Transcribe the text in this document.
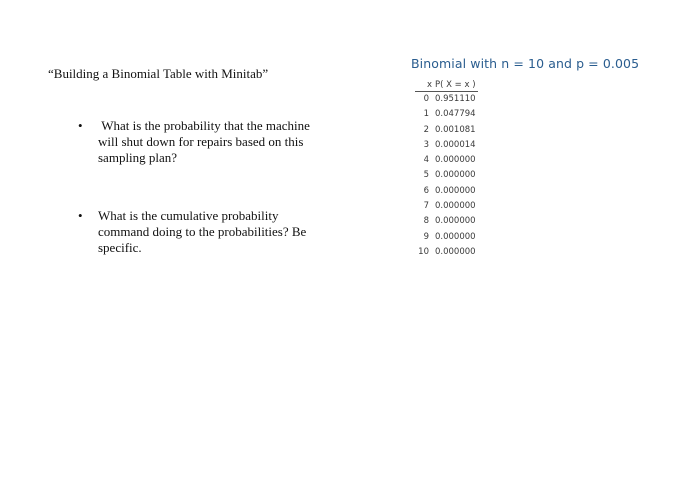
“Building a Binomial Table with Minitab”
• What is the probability that the machine will shut down for repairs based on this sampling plan?
• What is the cumulative probability command doing to the probabilities? Be specific.
Binomial with n = 10 and p = 0.005
x	P( X = x )
0	0.951110
1	0.047794
2	0.001081
3	0.000014
4	0.000000
5	0.000000
6	0.000000
7	0.000000
8	0.000000
9	0.000000
10	0.000000
